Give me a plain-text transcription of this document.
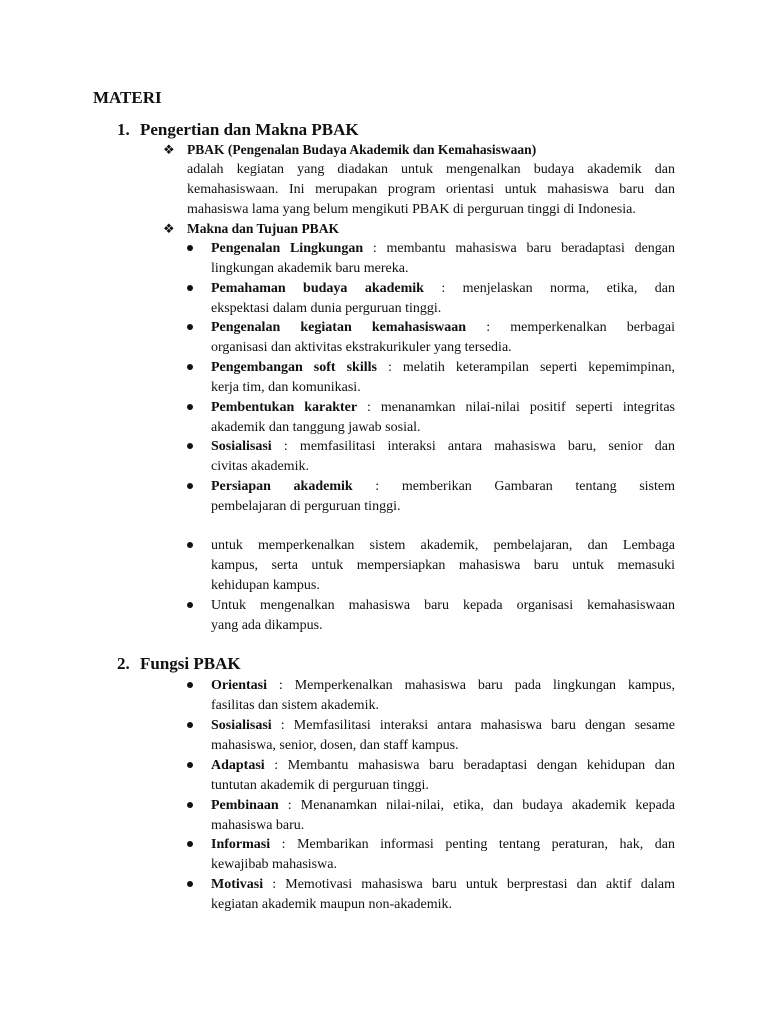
MATERI
1. Pengertian dan Makna PBAK
❖ PBAK (Pengenalan Budaya Akademik dan Kemahasiswaan)
adalah kegiatan yang diadakan untuk mengenalkan budaya akademik dan
kemahasiswaan. Ini merupakan program orientasi untuk mahasiswa baru dan
mahasiswa lama yang belum mengikuti PBAK di perguruan tinggi di Indonesia.
❖ Makna dan Tujuan PBAK
Pengenalan Lingkungan : membantu mahasiswa baru beradaptasi dengan
lingkungan akademik baru mereka.
Pemahaman budaya akademik : menjelaskan norma, etika, dan
ekspektasi dalam dunia perguruan tinggi.
Pengenalan kegiatan kemahasiswaan : memperkenalkan berbagai
organisasi dan aktivitas ekstrakurikuler yang tersedia.
Pengembangan soft skills : melatih keterampilan seperti kepemimpinan,
kerja tim, dan komunikasi.
Pembentukan karakter : menanamkan nilai-nilai positif seperti integritas
akademik dan tanggung jawab sosial.
Sosialisasi : memfasilitasi interaksi antara mahasiswa baru, senior dan
civitas akademik.
Persiapan akademik : memberikan Gambaran tentang sistem
pembelajaran di perguruan tinggi.
untuk memperkenalkan sistem akademik, pembelajaran, dan Lembaga
kampus, serta untuk mempersiapkan mahasiswa baru untuk memasuki
kehidupan kampus.
Untuk mengenalkan mahasiswa baru kepada organisasi kemahasiswaan
yang ada dikampus.
2. Fungsi PBAK
Orientasi : Memperkenalkan mahasiswa baru pada lingkungan kampus,
fasilitas dan sistem akademik.
Sosialisasi : Memfasilitasi interaksi antara mahasiswa baru dengan sesame
mahasiswa, senior, dosen, dan staff kampus.
Adaptasi : Membantu mahasiswa baru beradaptasi dengan kehidupan dan
tuntutan akademik di perguruan tinggi.
Pembinaan : Menanamkan nilai-nilai, etika, dan budaya akademik kepada
mahasiswa baru.
Informasi : Membarikan informasi penting tentang peraturan, hak, dan
kewajibab mahasiswa.
Motivasi : Memotivasi mahasiswa baru untuk berprestasi dan aktif dalam
kegiatan akademik maupun non-akademik.
